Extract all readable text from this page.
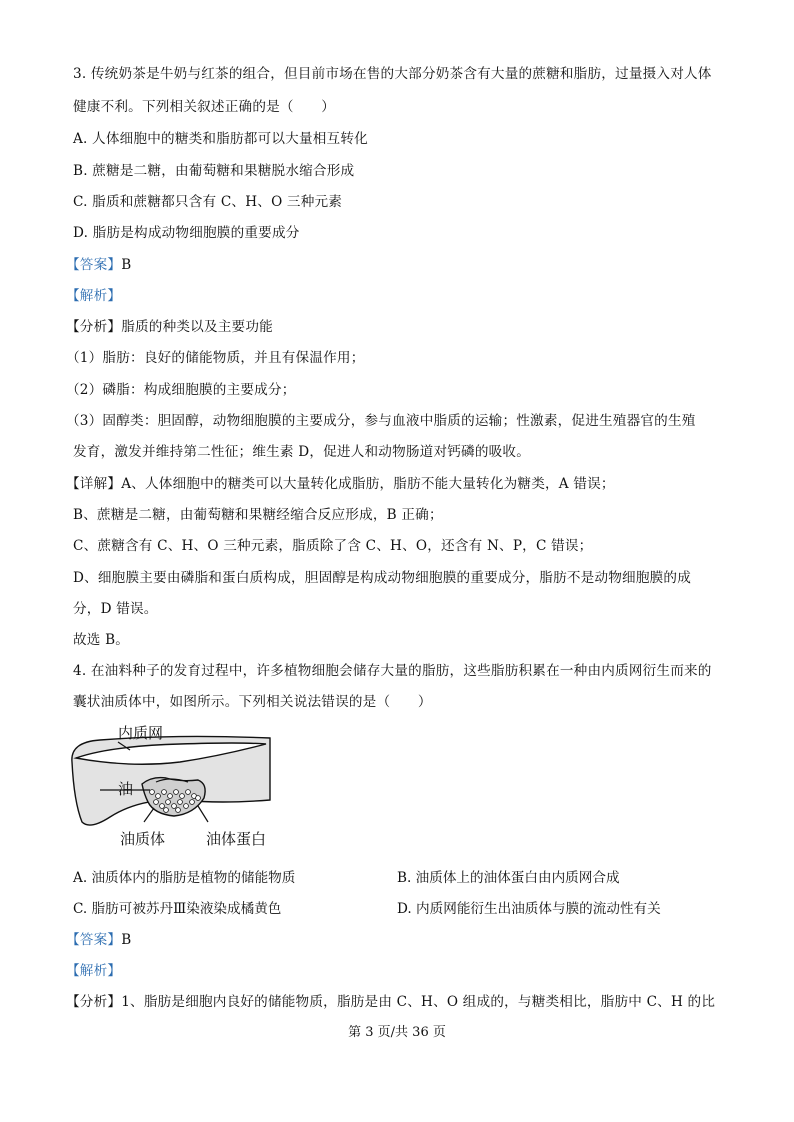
3. 传统奶茶是牛奶与红茶的组合，但目前市场在售的大部分奶茶含有大量的蔗糖和脂肪，过量摄入对人体
健康不利。下列相关叙述正确的是（　　）
A. 人体细胞中的糖类和脂肪都可以大量相互转化
B. 蔗糖是二糖，由葡萄糖和果糖脱水缩合形成
C. 脂质和蔗糖都只含有 C、H、O 三种元素
D. 脂肪是构成动物细胞膜的重要成分
【答案】B
【解析】
【分析】脂质的种类以及主要功能
（1）脂肪：良好的储能物质，并且有保温作用；
（2）磷脂：构成细胞膜的主要成分；
（3）固醇类：胆固醇，动物细胞膜的主要成分，参与血液中脂质的运输；性激素，促进生殖器官的生殖
发育，激发并维持第二性征；维生素 D，促进人和动物肠道对钙磷的吸收。
【详解】A、人体细胞中的糖类可以大量转化成脂肪，脂肪不能大量转化为糖类，A 错误；
B、蔗糖是二糖，由葡萄糖和果糖经缩合反应形成，B 正确；
C、蔗糖含有 C、H、O 三种元素，脂质除了含 C、H、O，还含有 N、P，C 错误；
D、细胞膜主要由磷脂和蛋白质构成，胆固醇是构成动物细胞膜的重要成分，脂肪不是动物细胞膜的成
分，D 错误。
故选 B。
4. 在油料种子的发育过程中，许多植物细胞会储存大量的脂肪，这些脂肪积累在一种由内质网衍生而来的
囊状油质体中，如图所示。下列相关说法错误的是（　　）
内质网
油
油质体	油体蛋白
A. 油质体内的脂肪是植物的储能物质	B. 油质体上的油体蛋白由内质网合成
C. 脂肪可被苏丹Ⅲ染液染成橘黄色	D. 内质网能衍生出油质体与膜的流动性有关
【答案】B
【解析】
【分析】1、脂肪是细胞内良好的储能物质，脂肪是由 C、H、O 组成的，与糖类相比，脂肪中 C、H 的比
第 3 页/共 36 页
